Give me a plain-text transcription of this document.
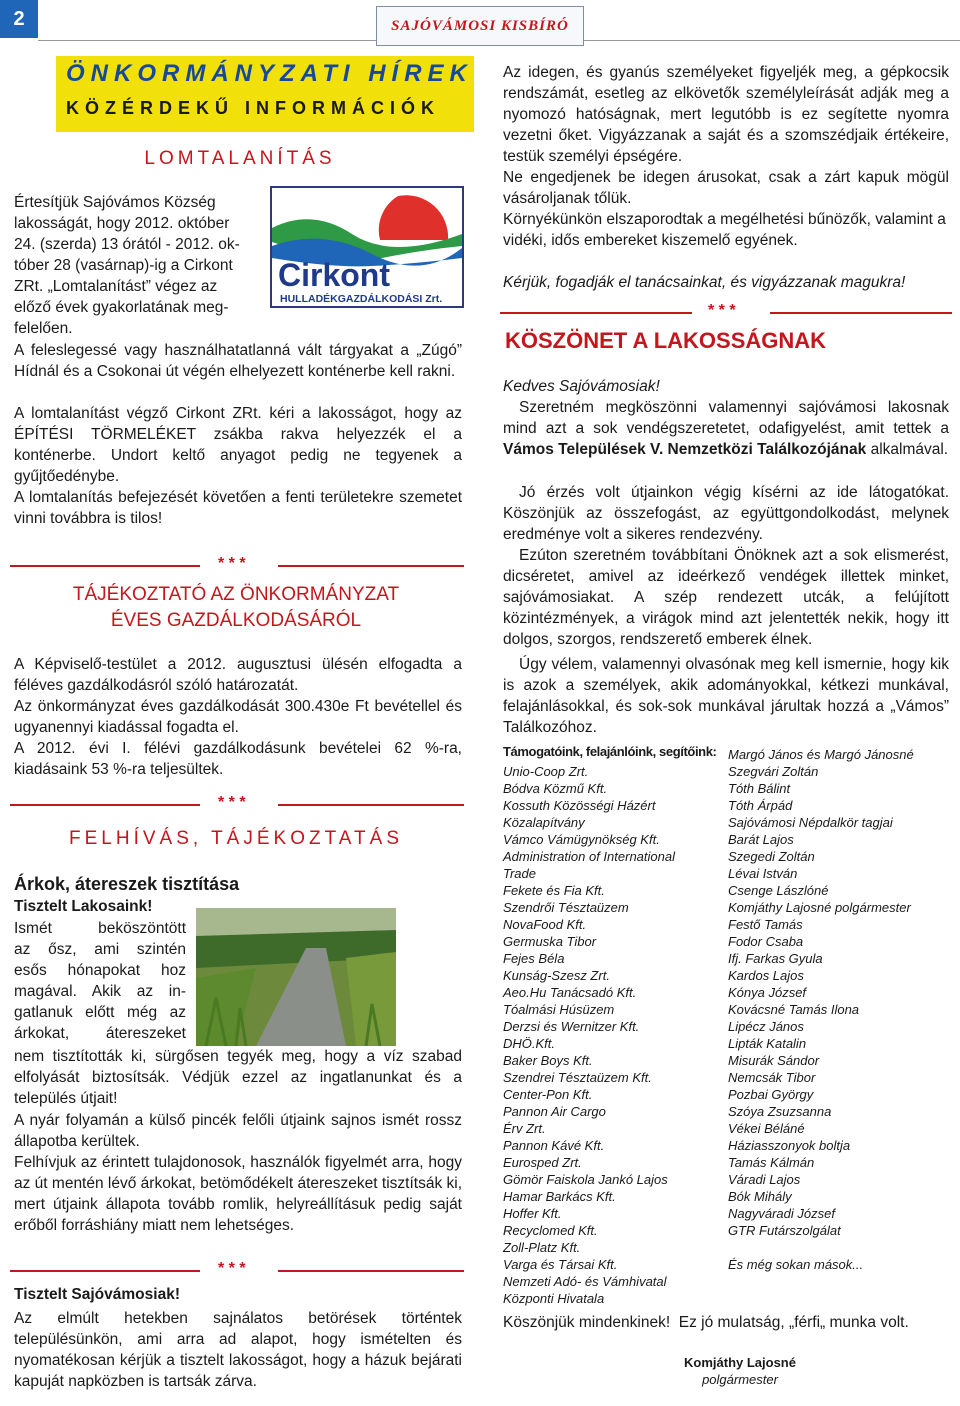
2	SAJÓVÁMOSI KISBÍRÓ
ÖNKORMÁNYZATI HÍREK
KÖZÉRDEKŰ INFORMÁCIÓK
LOMTALANÍTÁS
Értesítjük Sajóvámos Község
lakosságát, hogy 2012. október
24. (szerda) 13 órától - 2012. ok-
tóber 28 (vasárnap)-ig a Cirkont
ZRt. „Lomtalanítást” végez az
előző évek gyakorlatának meg-
felelően.
Cirkont
HULLADÉKGAZDÁLKODÁSI Zrt.
A feleslegessé vagy használhatatlanná vált tárgyakat a „Zúgó” Hídnál és a Csokonai út végén elhelyezett konténerbe kell rakni.
A lomtalanítást végző Cirkont ZRt. kéri a lakosságot, hogy az ÉPÍTÉSI TÖRMELÉKET zsákba rakva helyezzék el a konténerbe. Undort keltő anyagot pedig ne tegyenek a gyűjtőedénybe.
A lomtalanítás befejezését követően a fenti területekre szemetet vinni továbbra is tilos!
* * *
TÁJÉKOZTATÓ AZ ÖNKORMÁNYZAT
ÉVES GAZDÁLKODÁSÁRÓL
A Képviselő-testület a 2012. augusztusi ülésén elfogadta a féléves gazdálkodásról szóló határozatát.
Az önkormányzat éves gazdálkodását 300.430e Ft bevétellel és ugyanennyi kiadással fogadta el.
A 2012. évi I. félévi gazdálkodásunk bevételei 62 %-ra, kiadásaink 53 %-ra teljesültek.
* * *
FELHÍVÁS, TÁJÉKOZTATÁS
Árkok, átereszek tisztítása
Tisztelt Lakosaink!
Ismét beköszöntött
az ősz, ami szintén
esős hónapokat hoz
magával. Akik az in-
gatlanuk előtt még az
árkokat, átereszeket
nem tisztították ki, sürgősen tegyék meg, hogy a víz szabad elfolyását biztosítsák. Védjük ezzel az ingatlanunkat és a település útjait!
A nyár folyamán a külső pincék felőli útjaink sajnos ismét rossz állapotba kerültek.
Felhívjuk az érintett tulajdonosok, használók figyelmét arra, hogy az út mentén lévő árkokat, betömődékelt átereszeket tisztítsák ki, mert útjaink állapota tovább romlik, helyreállításuk pedig saját erőből forráshiány miatt nem lehetséges.
* * *
Tisztelt Sajóvámosiak!
Az elmúlt hetekben sajnálatos betörések történtek településünkön, ami arra ad alapot, hogy ismételten és nyomatékosan kérjük a tisztelt lakosságot, hogy a házuk bejárati kapuját napközben is tartsák zárva.
Az idegen, és gyanús személyeket figyeljék meg, a gépkocsik rendszámát, esetleg az elkövetők személyleírását adják meg a nyomozó hatóságnak, mert legutóbb is ez segítette nyomra vezetni őket. Vigyázzanak a saját és a szomszédjaik értékeire, testük személyi épségére.
Ne engedjenek be idegen árusokat, csak a zárt kapuk mögül vásároljanak tőlük.
Környékünkön elszaporodtak a megélhetési bűnözők, valamint a vidéki, idős embereket kiszemelő egyének.
Kérjük, fogadják el tanácsainkat, és vigyázzanak magukra!
* * *
KÖSZÖNET A LAKOSSÁGNAK
Kedves Sajóvámosiak!
Szeretném megköszönni valamennyi sajóvámosi lakosnak mind azt a sok vendégszeretetet, odafigyelést, amit tettek a Vámos Települések V. Nemzetközi Találkozójának alkalmával.
Jó érzés volt útjainkon végig kísérni az ide látogatókat. Köszönjük az összefogást, az együttgondolkodást, melynek eredménye volt a sikeres rendezvény.
Ezúton szeretném továbbítani Önöknek azt a sok elismerést, dicséretet, amivel az ideérkező vendégek illettek minket, sajóvámosiakat. A szép rendezett utcák, a felújított közintézmények, a virágok mind azt jelentették nekik, hogy itt dolgos, szorgos, rendszerető emberek élnek.
Úgy vélem, valamennyi olvasónak meg kell ismernie, hogy kik is azok a személyek, akik adományokkal, kétkezi munkával, felajánlásokkal, és sok-sok munkával járultak hozzá a „Vámos” Találkozóhoz.
Támogatóink, felajánlóink, segítőink:
Unio-Coop Zrt.
Bódva Közmű Kft.
Kossuth Közösségi Házért
Közalapítvány
Vámco Vámügynökség Kft.
Administration of International
Trade
Fekete és Fia Kft.
Szendrői Tésztaüzem
NovaFood Kft.
Germuska Tibor
Fejes Béla
Kunság-Szesz Zrt.
Aeo.Hu Tanácsadó Kft.
Tóalmási Húsüzem
Derzsi és Wernitzer Kft.
DHÖ.Kft.
Baker Boys Kft.
Szendrei Tésztaüzem Kft.
Center-Pon Kft.
Pannon Air Cargo
Érv Zrt.
Pannon Kávé Kft.
Eurosped Zrt.
Gömör Faiskola Jankó Lajos
Hamar Barkács Kft.
Hoffer Kft.
Recyclomed Kft.
Zoll-Platz Kft.
Varga és Társai Kft.
Nemzeti Adó- és Vámhivatal
Központi Hivatala
Margó János és Margó Jánosné
Szegvári Zoltán
Tóth Bálint
Tóth Árpád
Sajóvámosi Népdalkör tagjai
Barát Lajos
Szegedi Zoltán
Lévai István
Csenge Lászlóné
Komjáthy Lajosné polgármester
Festő Tamás
Fodor Csaba
Ifj. Farkas Gyula
Kardos Lajos
Kónya József
Kovácsné Tamás Ilona
Lipécz János
Lipták Katalin
Misurák Sándor
Nemcsák Tibor
Pozbai György
Szóya Zsuzsanna
Vékei Béláné
Háziasszonyok boltja
Tamás Kálmán
Váradi Lajos
Bók Mihály
Nagyváradi József
GTR Futárszolgálat
És még sokan mások...
Köszönjük mindenkinek!  Ez jó mulatság, „férfi„ munka volt.
Komjáthy Lajosné
polgármester
